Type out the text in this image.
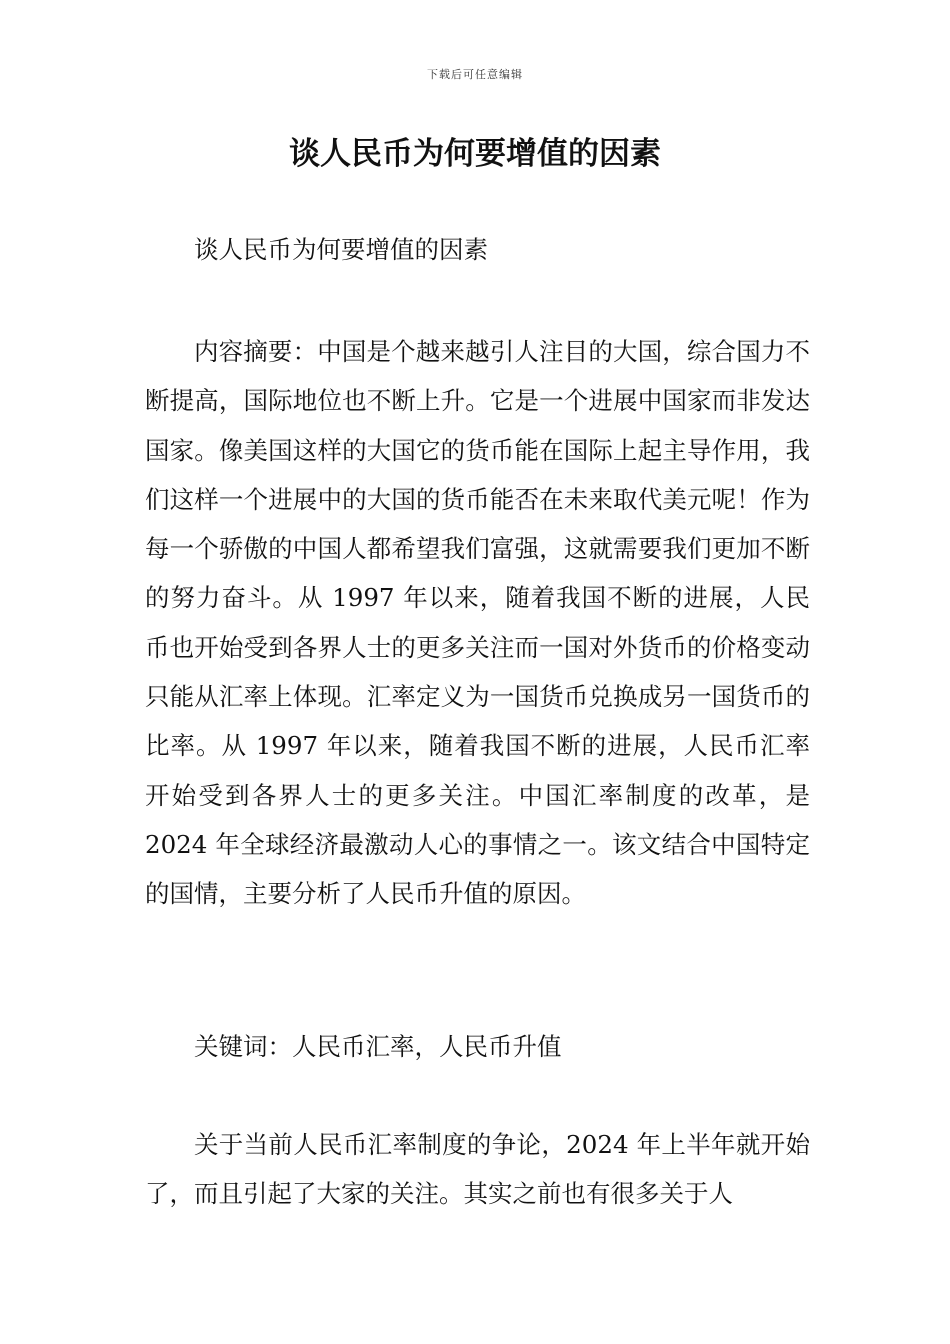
下载后可任意编辑
谈人民币为何要增值的因素

谈人民币为何要增值的因素

内容摘要：中国是个越来越引人注目的大国，综合国力不断提高，国际地位也不断上升。它是一个进展中国家而非发达国家。像美国这样的大国它的货币能在国际上起主导作用，我们这样一个进展中的大国的货币能否在未来取代美元呢！作为每一个骄傲的中国人都希望我们富强，这就需要我们更加不断的努力奋斗。从 1997 年以来，随着我国不断的进展，人民币也开始受到各界人士的更多关注而一国对外货币的价格变动只能从汇率上体现。汇率定义为一国货币兑换成另一国货币的比率。从 1997 年以来，随着我国不断的进展，人民币汇率开始受到各界人士的更多关注。中国汇率制度的改革，是 2024 年全球经济最激动人心的事情之一。该文结合中国特定的国情，主要分析了人民币升值的原因。

关键词：人民币汇率，人民币升值

关于当前人民币汇率制度的争论，2024 年上半年就开始了，而且引起了大家的关注。其实之前也有很多关于人
